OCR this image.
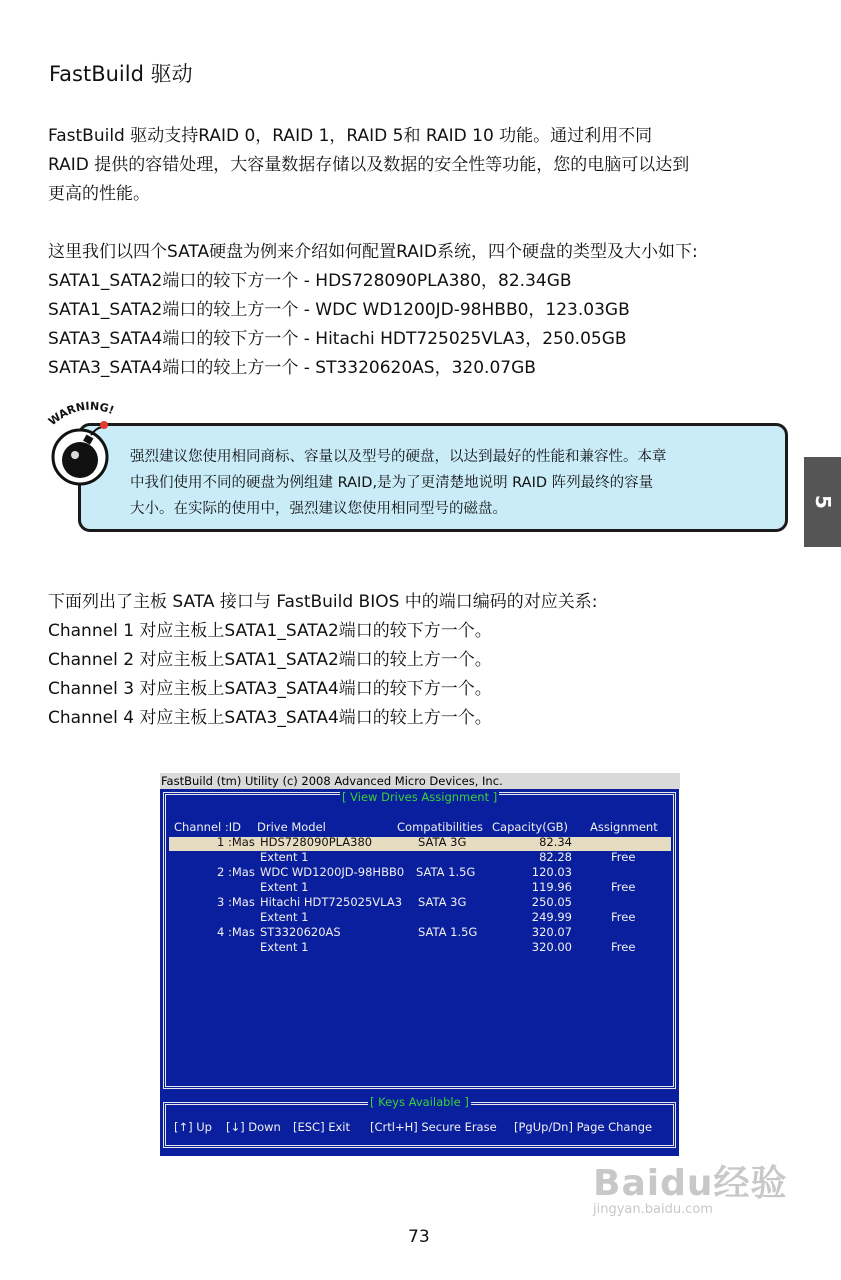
FastBuild 驱动
FastBuild 驱动支持RAID 0，RAID 1，RAID 5和 RAID 10 功能。通过利用不同
RAID 提供的容错处理，大容量数据存储以及数据的安全性等功能，您的电脑可以达到
更高的性能。
这里我们以四个SATA硬盘为例来介绍如何配置RAID系统，四个硬盘的类型及大小如下:
SATA1_SATA2端口的较下方一个 - HDS728090PLA380，82.34GB
SATA1_SATA2端口的较上方一个 - WDC WD1200JD-98HBB0，123.03GB
SATA3_SATA4端口的较下方一个 - Hitachi HDT725025VLA3，250.05GB
SATA3_SATA4端口的较上方一个 - ST3320620AS，320.07GB
WARNING!
强烈建议您使用相同商标、容量以及型号的硬盘，以达到最好的性能和兼容性。本章
中我们使用不同的硬盘为例组建 RAID,是为了更清楚地说明 RAID 阵列最终的容量
大小。在实际的使用中，强烈建议您使用相同型号的磁盘。	5
下面列出了主板 SATA 接口与 FastBuild BIOS 中的端口编码的对应关系:
Channel 1 对应主板上SATA1_SATA2端口的较下方一个。
Channel 2 对应主板上SATA1_SATA2端口的较上方一个。
Channel 3 对应主板上SATA3_SATA4端口的较下方一个。
Channel 4 对应主板上SATA3_SATA4端口的较上方一个。
FastBuild (tm) Utility (c) 2008 Advanced Micro Devices, Inc.
[ View Drives Assignment ]
Channel :ID Drive Model	Compatibilities Capacity(GB) Assignment
1 :Mas HDS728090PLA380	SATA 3G	82.34
Extent 1	82.28	Free
2 :Mas WDC WD1200JD-98HBB0 SATA 1.5G	120.03
Extent 1	119.96	Free
3 :Mas Hitachi HDT725025VLA3 SATA 3G	250.05
Extent 1	249.99	Free
4 :Mas ST3320620AS	SATA 1.5G	320.07
Extent 1	320.00	Free
[ Keys Available ]
[↑] Up [↓] Down [ESC] Exit [Crtl+H] Secure Erase [PgUp/Dn] Page Change
Baidu经验
jingyan.baidu.com
73
